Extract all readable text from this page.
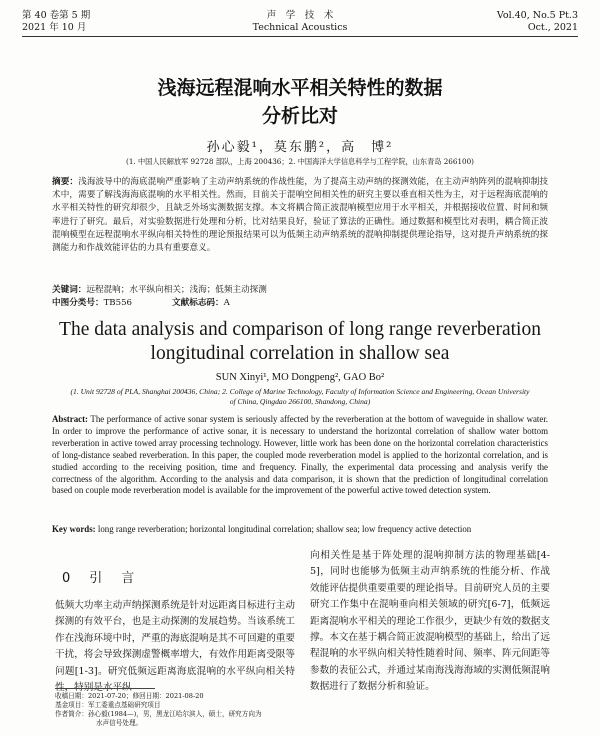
第 40 卷第 5 期
2021 年 10 月
声　学　技　术
Technical Acoustics
Vol.40, No.5 Pt.3
Oct., 2021
浅海远程混响水平相关特性的数据
分析比对
孙心毅¹，莫东鹏²，高　博²
(1. 中国人民解放军 92728 部队，上海 200436；2. 中国海洋大学信息科学与工程学院，山东青岛 266100)
摘要：浅海波导中的海底混响严重影响了主动声纳系统的作战性能，为了提高主动声纳的探测效能，在主动声纳阵列的混响抑制技术中，需要了解浅海海底混响的水平相关性。然而，目前关于混响空间相关性的研究主要以垂直相关性为主，对于远程海底混响的水平相关特性的研究却很少，且缺乏外场实测数据支撑。本文将耦合简正波混响模型应用于水平相关，并根据接收位置、时间和频率进行了研究。最后，对实验数据进行处理和分析，比对结果良好，验证了算法的正确性。通过数据和模型比对表明，耦合简正波混响模型在远程混响水平纵向相关特性的理论预报结果可以为低频主动声纳系统的混响抑制提供理论指导，这对提升声纳系统的探测能力和作战效能评估的力具有重要意义。
关键词：远程混响；水平纵向相关；浅海；低频主动探测
中图分类号：TB556	文献标志码：A
The data analysis and comparison of long range reverberation
longitudinal correlation in shallow sea
SUN Xinyi¹, MO Dongpeng², GAO Bo²
(1. Unit 92728 of PLA, Shanghai 200436, China; 2. College of Marine Technology, Faculty of Information Science and Engineering, Ocean University of China, Qingdao 266100, Shandong, China)
Abstract: The performance of active sonar system is seriously affected by the reverberation at the bottom of waveguide in shallow water. In order to improve the performance of active sonar, it is necessary to understand the horizontal correlation of shallow water bottom reverberation in active towed array processing technology. However, little work has been done on the horizontal correlation characteristics of long-distance seabed reverberation. In this paper, the coupled mode reverberation model is applied to the horizontal correlation, and is studied according to the receiving position, time and frequency. Finally, the experimental data processing and analysis verify the correctness of the algorithm. According to the analysis and data comparison, it is shown that the prediction of longitudinal correlation based on couple mode reverberation model is available for the improvement of the powerful active towed detection system.
Key words: long range reverberation; horizontal longitudinal correlation; shallow sea; low frequency active detection
0　引　言
低频大功率主动声纳探测系统是针对远距离目标进行主动探测的有效平台，也是主动探测的发展趋势。当该系统工作在浅海环境中时，严重的海底混响是其不可回避的重要干扰，将会导致探测虚警概率增大，有效作用距离受限等问题[1-3]。研究低频远距离海底混响的水平纵向相关特性，特别是水平纵
向相关性是基于阵处理的混响抑制方法的物理基础[4-5]，同时也能够为低频主动声纳系统的性能分析、作战效能评估提供重要重要的理论指导。目前研究人员的主要研究工作集中在混响垂向相关领域的研究[6-7]，低频远距离混响水平相关的理论工作很少，更缺少有效的数据支撑。本文在基于耦合简正波混响模型的基础上，给出了远程混响的水平纵向相关特性随着时间、频率、阵元间距等参数的表征公式，并通过某南海浅海海域的实测低频混响数据进行了数据分析和验证。
收稿日期：2021-07-20；修回日期：2021-08-20
基金项目：军工委重点基础研究项目
作者简介：孙心毅(1984—)，男，黑龙江哈尔滨人，硕士，研究方向为
水声信号处理。
